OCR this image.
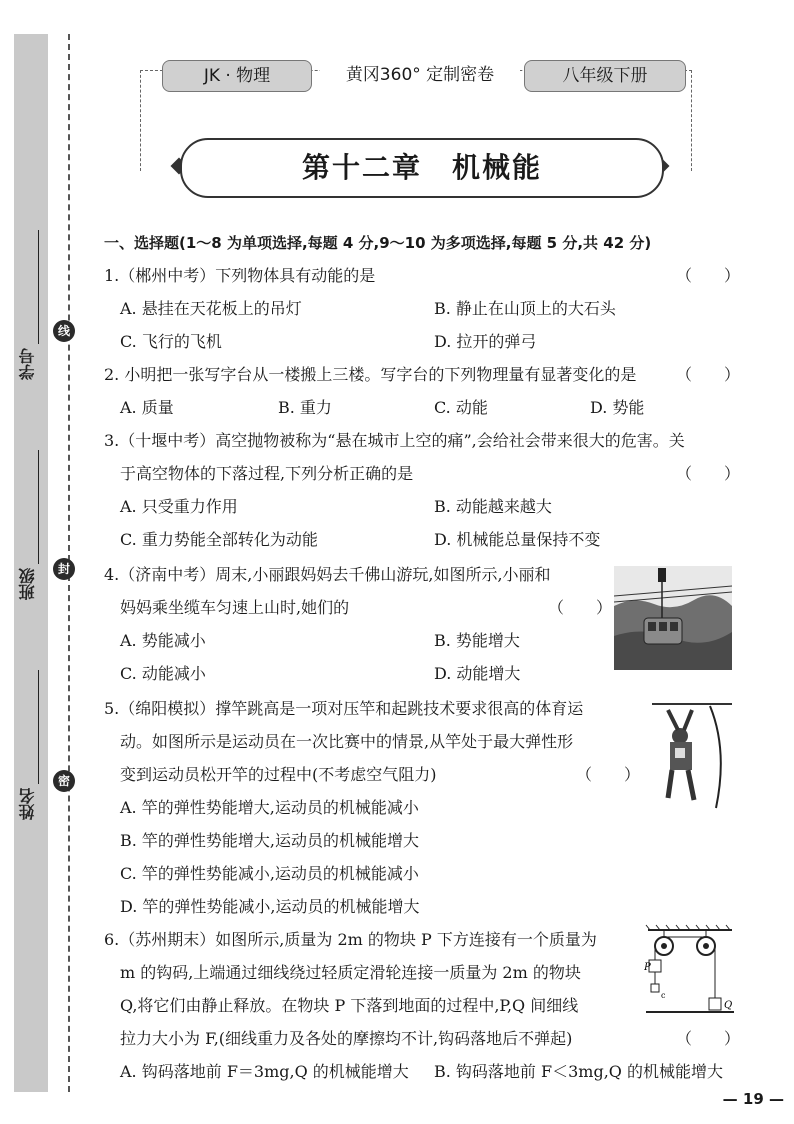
学号
班级
姓名
线
封
密
JK · 物理	黄冈360° 定制密卷	八年级下册
第十二章　机械能
一、选择题(1～8 为单项选择,每题 4 分,9～10 为多项选择,每题 5 分,共 42 分)
1.（郴州中考）下列物体具有动能的是	（　　）
A. 悬挂在天花板上的吊灯	B. 静止在山顶上的大石头
C. 飞行的飞机	D. 拉开的弹弓
2. 小明把一张写字台从一楼搬上三楼。写字台的下列物理量有显著变化的是 （　　）
A. 质量	B. 重力	C. 动能	D. 势能
3.（十堰中考）高空抛物被称为“悬在城市上空的痛”,会给社会带来很大的危害。关
于高空物体的下落过程,下列分析正确的是	（　　）
A. 只受重力作用	B. 动能越来越大
C. 重力势能全部转化为动能	D. 机械能总量保持不变
4.（济南中考）周末,小丽跟妈妈去千佛山游玩,如图所示,小丽和
妈妈乘坐缆车匀速上山时,她们的	（　　）
A. 势能减小	B. 势能增大
C. 动能减小	D. 动能增大
5.（绵阳模拟）撑竿跳高是一项对压竿和起跳技术要求很高的体育运
动。如图所示是运动员在一次比赛中的情景,从竿处于最大弹性形
变到运动员松开竿的过程中(不考虑空气阻力)	（　　）
A. 竿的弹性势能增大,运动员的机械能减小
B. 竿的弹性势能增大,运动员的机械能增大
C. 竿的弹性势能减小,运动员的机械能减小
D. 竿的弹性势能减小,运动员的机械能增大
6.（苏州期末）如图所示,质量为 2m 的物块 P 下方连接有一个质量为
m 的钩码,上端通过细线绕过轻质定滑轮连接一质量为 2m 的物块
Q,将它们由静止释放。在物块 P 下落到地面的过程中,P,Q 间细线
拉力大小为 F,(细线重力及各处的摩擦均不计,钩码落地后不弹起)	（　　）
A. 钩码落地前 F＝3mg,Q 的机械能增大 B. 钩码落地前 F＜3mg,Q 的机械能增大
P
c
Q
— 19 —
